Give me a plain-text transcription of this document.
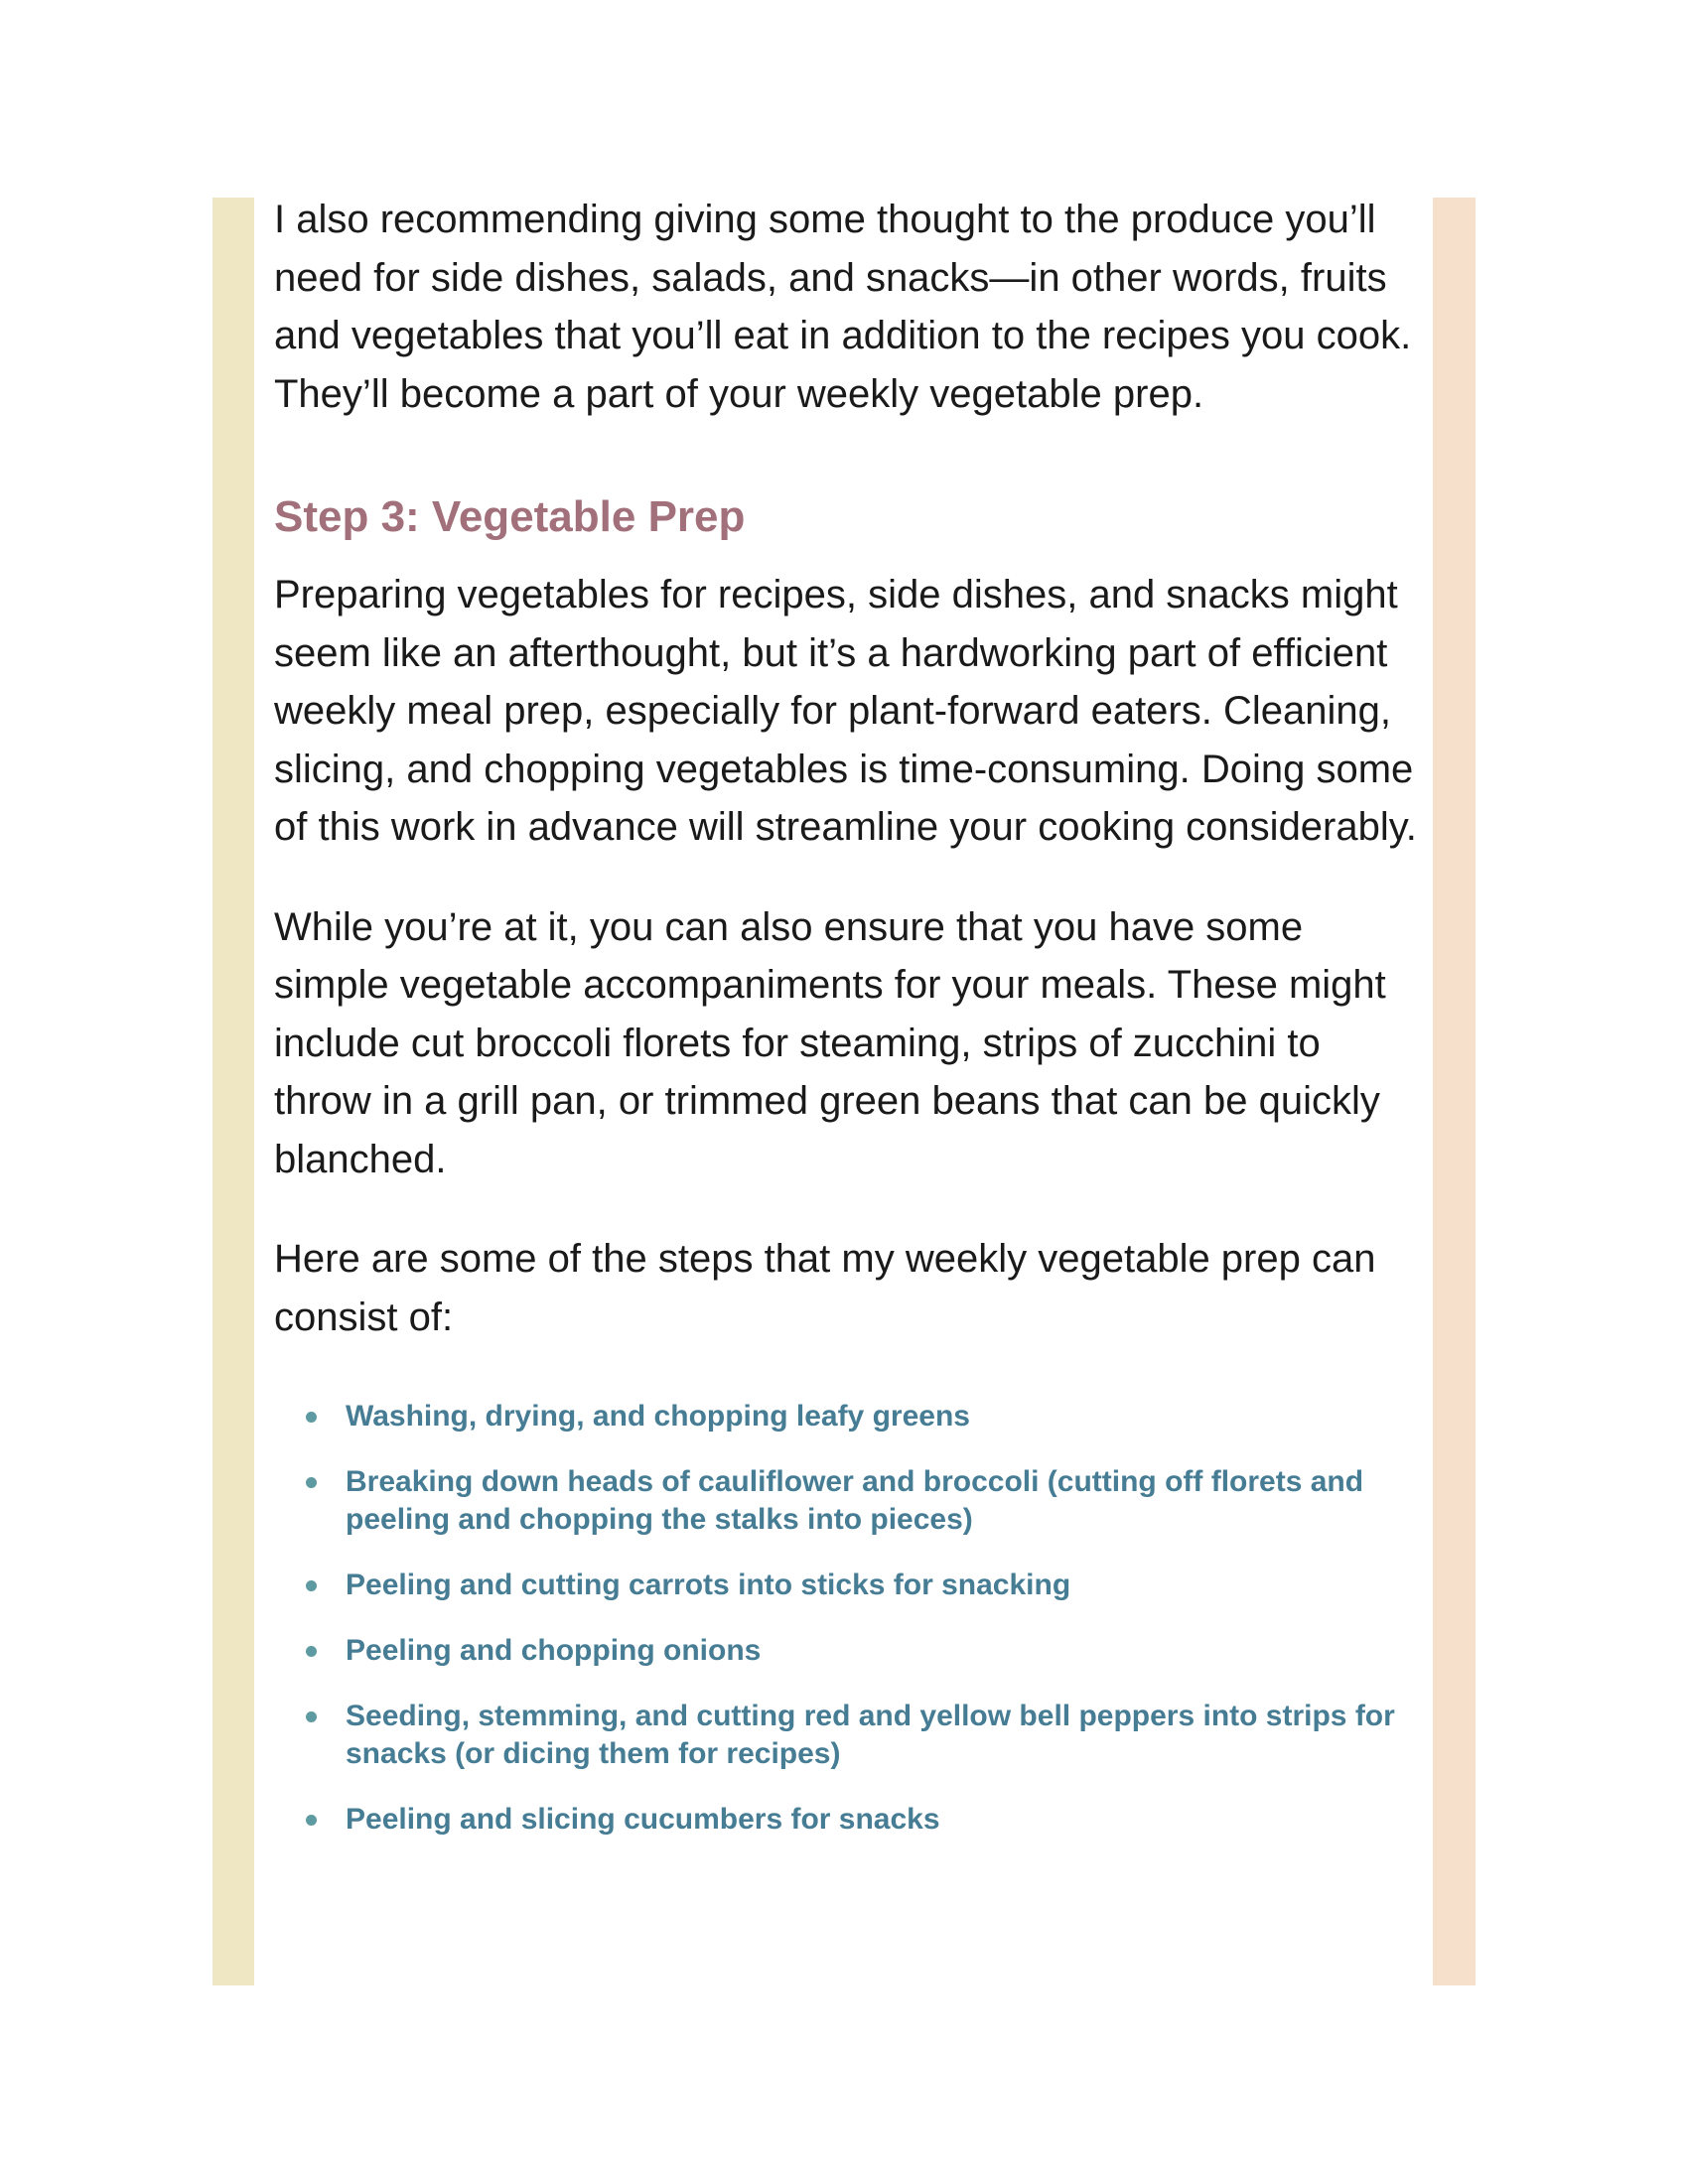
I also recommending giving some thought to the produce you’ll need for side dishes, salads, and snacks—in other words, fruits and vegetables that you’ll eat in addition to the recipes you cook. They’ll become a part of your weekly vegetable prep.

Step 3: Vegetable Prep

Preparing vegetables for recipes, side dishes, and snacks might seem like an afterthought, but it’s a hardworking part of efficient weekly meal prep, especially for plant-forward eaters. Cleaning, slicing, and chopping vegetables is time-consuming. Doing some of this work in advance will streamline your cooking considerably.

While you’re at it, you can also ensure that you have some simple vegetable accompaniments for your meals. These might include cut broccoli florets for steaming, strips of zucchini to throw in a grill pan, or trimmed green beans that can be quickly blanched.

Here are some of the steps that my weekly vegetable prep can consist of:

Washing, drying, and chopping leafy greens
Breaking down heads of cauliflower and broccoli (cutting off florets and peeling and chopping the stalks into pieces)
Peeling and cutting carrots into sticks for snacking
Peeling and chopping onions
Seeding, stemming, and cutting red and yellow bell peppers into strips for snacks (or dicing them for recipes)
Peeling and slicing cucumbers for snacks
